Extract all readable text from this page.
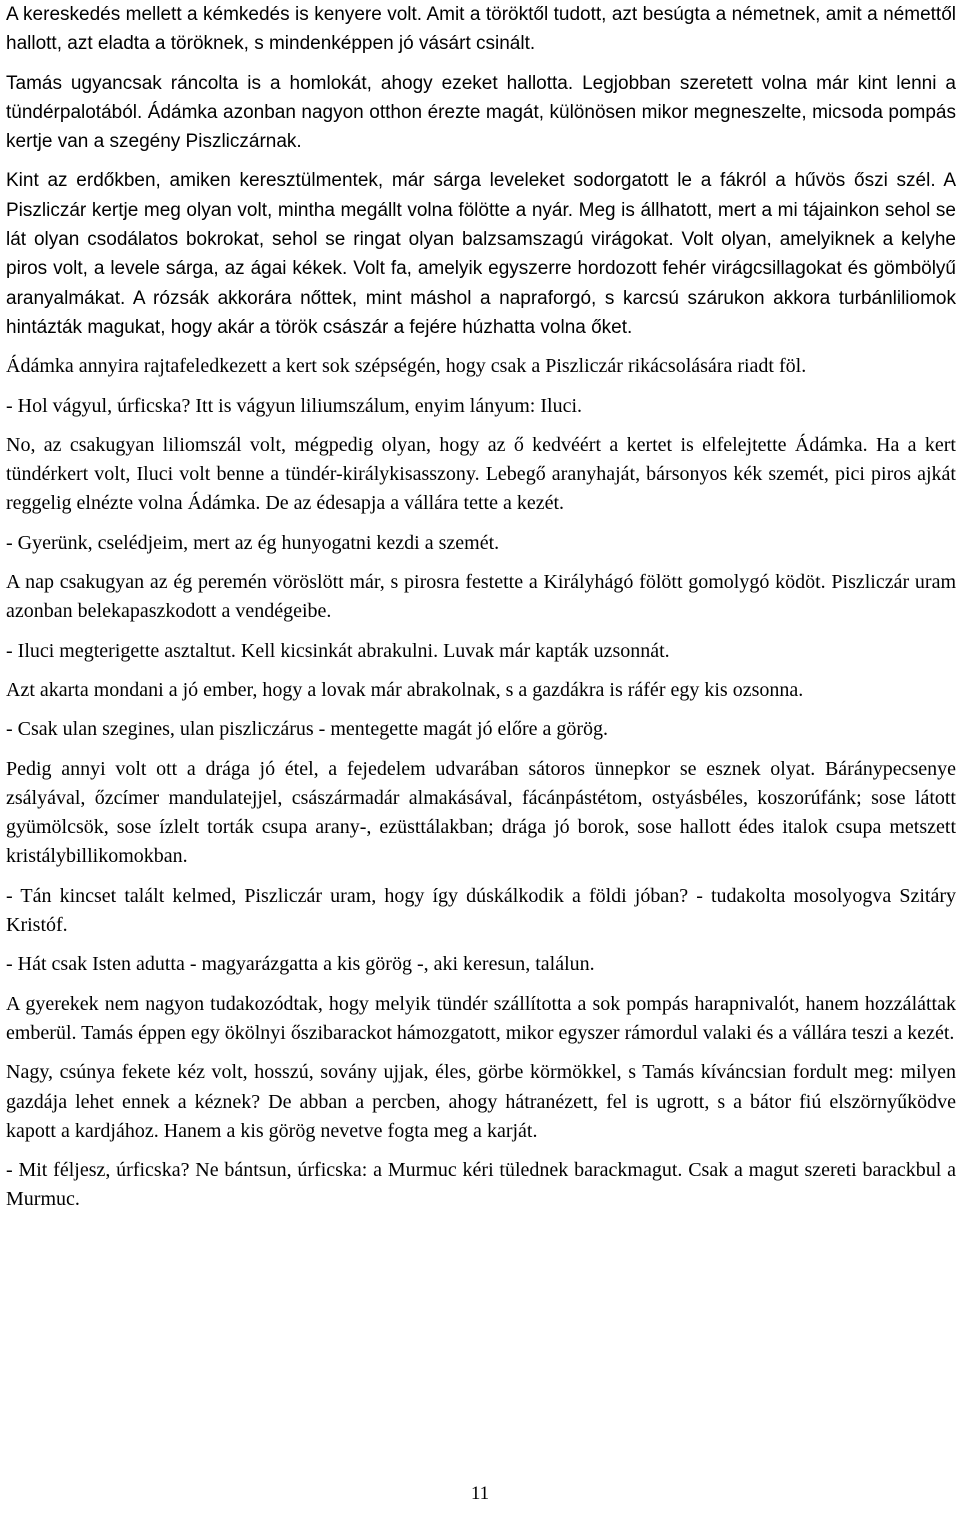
A kereskedés mellett a kémkedés is kenyere volt. Amit a töröktől tudott, azt besúgta a németnek, amit a némettől hallott, azt eladta a töröknek, s mindenképpen jó vásárt csinált.

Tamás ugyancsak ráncolta is a homlokát, ahogy ezeket hallotta. Legjobban szeretett volna már kint lenni a tündérpalotából. Ádámka azonban nagyon otthon érezte magát, különösen mikor megneszelte, micsoda pompás kertje van a szegény Piszliczárnak.

Kint az erdőkben, amiken keresztülmentek, már sárga leveleket sodorgatott le a fákról a hűvös őszi szél. A Piszliczár kertje meg olyan volt, mintha megállt volna fölötte a nyár. Meg is állhatott, mert a mi tájainkon sehol se lát olyan csodálatos bokrokat, sehol se ringat olyan balzsamszagú virágokat. Volt olyan, amelyiknek a kelyhe piros volt, a levele sárga, az ágai kékek. Volt fa, amelyik egyszerre hordozott fehér virágcsillagokat és gömbölyű aranyalmákat. A rózsák akkorára nőttek, mint máshol a napraforgó, s karcsú szárukon akkora turbánliliomok hintázták magukat, hogy akár a török császár a fejére húzhatta volna őket.

Ádámka annyira rajtafeledkezett a kert sok szépségén, hogy csak a Piszliczár rikácsolására riadt föl.

- Hol vágyul, úrficska? Itt is vágyun liliumszálum, enyim lányum: Iluci.

No, az csakugyan liliomszál volt, mégpedig olyan, hogy az ő kedvéért a kertet is elfelejtette Ádámka. Ha a kert tündérkert volt, Iluci volt benne a tündér-királykisasszony. Lebegő aranyhaját, bársonyos kék szemét, pici piros ajkát reggelig elnézte volna Ádámka. De az édesapja a vállára tette a kezét.

- Gyerünk, cselédjeim, mert az ég hunyogatni kezdi a szemét.

A nap csakugyan az ég peremén vöröslött már, s pirosra festette a Királyhágó fölött gomolygó ködöt. Piszliczár uram azonban belekapaszkodott a vendégeibe.

- Iluci megterigette asztaltut. Kell kicsinkát abrakulni. Luvak már kapták uzsonnát.

Azt akarta mondani a jó ember, hogy a lovak már abrakolnak, s a gazdákra is ráfér egy kis ozsonna.

- Csak ulan szegines, ulan piszliczárus - mentegette magát jó előre a görög.

Pedig annyi volt ott a drága jó étel, a fejedelem udvarában sátoros ünnepkor se esznek olyat. Báránypecsenye zsályával, őzcímer mandulatejjel, császármadár almakásával, fácánpástétom, ostyásbéles, koszorúfánk; sose látott gyümölcsök, sose ízlelt torták csupa arany-, ezüsttálakban; drága jó borok, sose hallott édes italok csupa metszett kristálybillikomokban.

- Tán kincset talált kelmed, Piszliczár uram, hogy így dúskálkodik a földi jóban? - tudakolta mosolyogva Szitáry Kristóf.

- Hát csak Isten adutta - magyarázgatta a kis görög -, aki keresun, találun.

A gyerekek nem nagyon tudakozódtak, hogy melyik tündér szállította a sok pompás harapnivalót, hanem hozzáláttak emberül. Tamás éppen egy ökölnyi őszibarackot hámozgatott, mikor egyszer rámordul valaki és a vállára teszi a kezét.

Nagy, csúnya fekete kéz volt, hosszú, sovány ujjak, éles, görbe körmökkel, s Tamás kíváncsian fordult meg: milyen gazdája lehet ennek a kéznek? De abban a percben, ahogy hátranézett, fel is ugrott, s a bátor fiú elszörnyűködve kapott a kardjához. Hanem a kis görög nevetve fogta meg a karját.

- Mit féljesz, úrficska? Ne bántsun, úrficska: a Murmuc kéri tülednek barackmagut. Csak a magut szereti barackbul a Murmuc.

11
